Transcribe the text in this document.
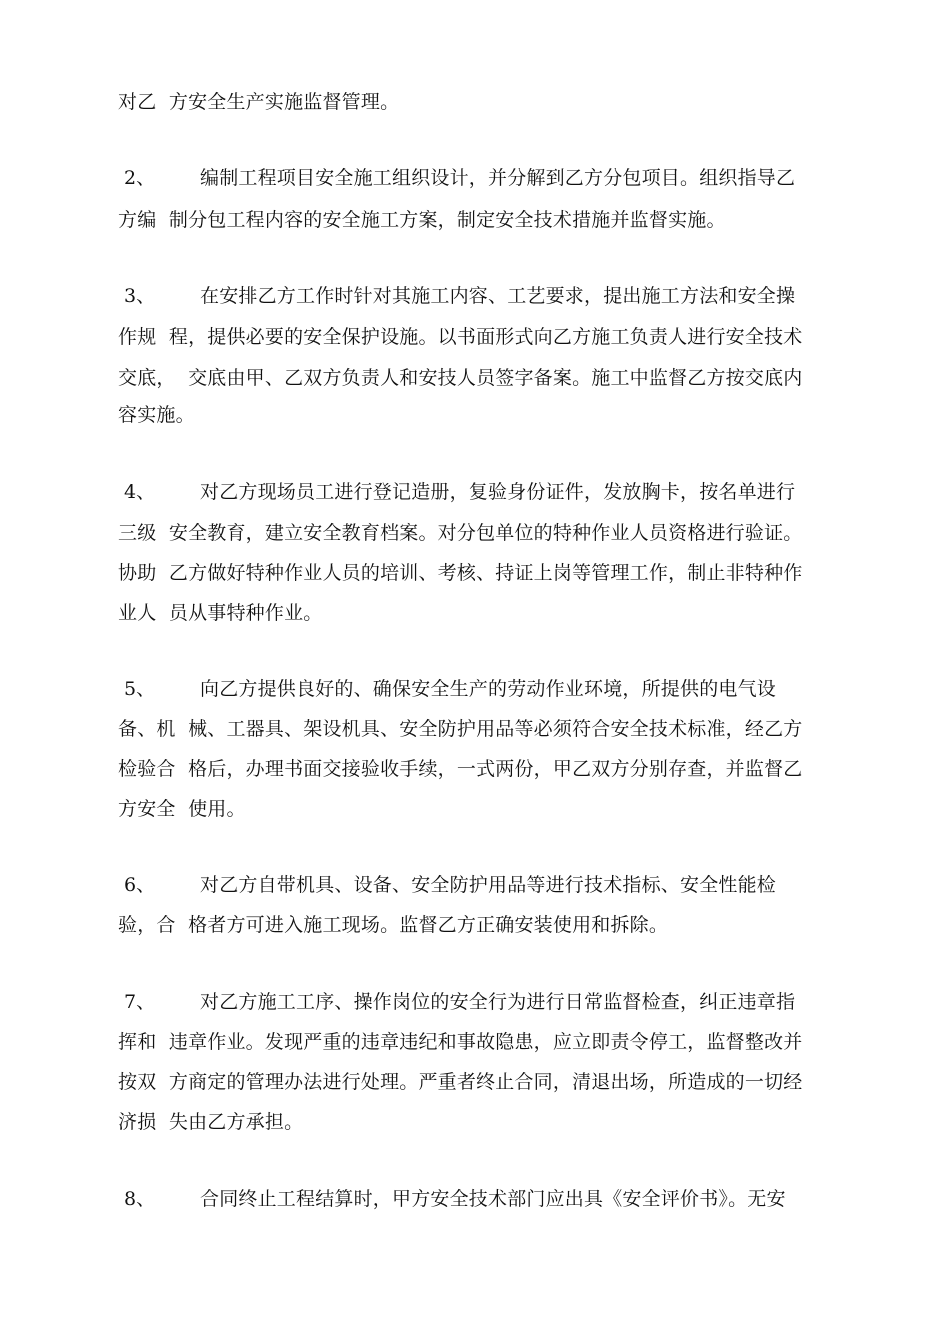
对乙  方安全生产实施监督管理。
2、 编制工程项目安全施工组织设计，并分解到乙方分包项目。组织指导乙
方编  制分包工程内容的安全施工方案，制定安全技术措施并监督实施。
3、 在安排乙方工作时针对其施工内容、工艺要求，提出施工方法和安全操
作规  程，提供必要的安全保护设施。以书面形式向乙方施工负责人进行安全技术
交底，  交底由甲、乙双方负责人和安技人员签字备案。施工中监督乙方按交底内
容实施。
4、 对乙方现场员工进行登记造册，复验身份证件，发放胸卡，按名单进行
三级  安全教育，建立安全教育档案。对分包单位的特种作业人员资格进行验证。
协助  乙方做好特种作业人员的培训、考核、持证上岗等管理工作，制止非特种作
业人  员从事特种作业。
5、 向乙方提供良好的、确保安全生产的劳动作业环境，所提供的电气设
备、机  械、工器具、架设机具、安全防护用品等必须符合安全技术标准，经乙方
检验合  格后，办理书面交接验收手续，一式两份，甲乙双方分别存查，并监督乙
方安全  使用。
6、 对乙方自带机具、设备、安全防护用品等进行技术指标、安全性能检
验，合  格者方可进入施工现场。监督乙方正确安装使用和拆除。
7、 对乙方施工工序、操作岗位的安全行为进行日常监督检查，纠正违章指
挥和  违章作业。发现严重的违章违纪和事故隐患，应立即责令停工，监督整改并
按双  方商定的管理办法进行处理。严重者终止合同，清退出场，所造成的一切经
济损  失由乙方承担。
8、 合同终止工程结算时，甲方安全技术部门应出具《安全评价书》。无安
